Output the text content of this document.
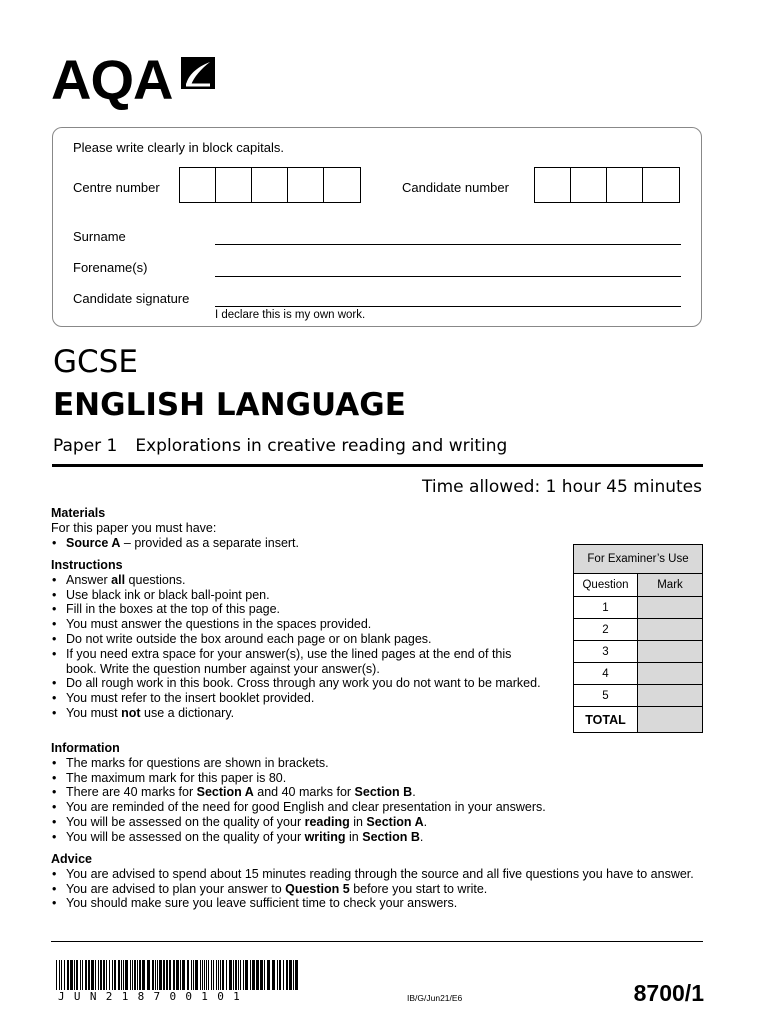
AQA
Please write clearly in block capitals.
Centre number	Candidate number
Surname
Forename(s)
Candidate signature
I declare this is my own work.
GCSE
ENGLISH LANGUAGE
Paper 1 Explorations in creative reading and writing
Time allowed: 1 hour 45 minutes
Materials

For this paper you must have:

• Source A – provided as a separate insert.
Instructions
• Answer all questions.
• Use black ink or black ball-point pen.
• Fill in the boxes at the top of this page.
• You must answer the questions in the spaces provided.
• Do not write outside the box around each page or on blank pages.
• If you need extra space for your answer(s), use the lined pages at the end of this book. Write the question number against your answer(s).
• Do all rough work in this book. Cross through any work you do not want to be marked.
• You must refer to the insert booklet provided.
• You must not use a dictionary.
For Examiner’s Use
Question	Mark
1
2
3
4
5
TOTAL
Information
• The marks for questions are shown in brackets.
• The maximum mark for this paper is 80.
• There are 40 marks for Section A and 40 marks for Section B.
• You are reminded of the need for good English and clear presentation in your answers.
• You will be assessed on the quality of your reading in Section A.
• You will be assessed on the quality of your writing in Section B.
Advice
• You are advised to spend about 15 minutes reading through the source and all five questions you have to answer.
• You are advised to plan your answer to Question 5 before you start to write.
• You should make sure you leave sufficient time to check your answers.
JUN218700101	IB/G/Jun21/E6	8700/1
